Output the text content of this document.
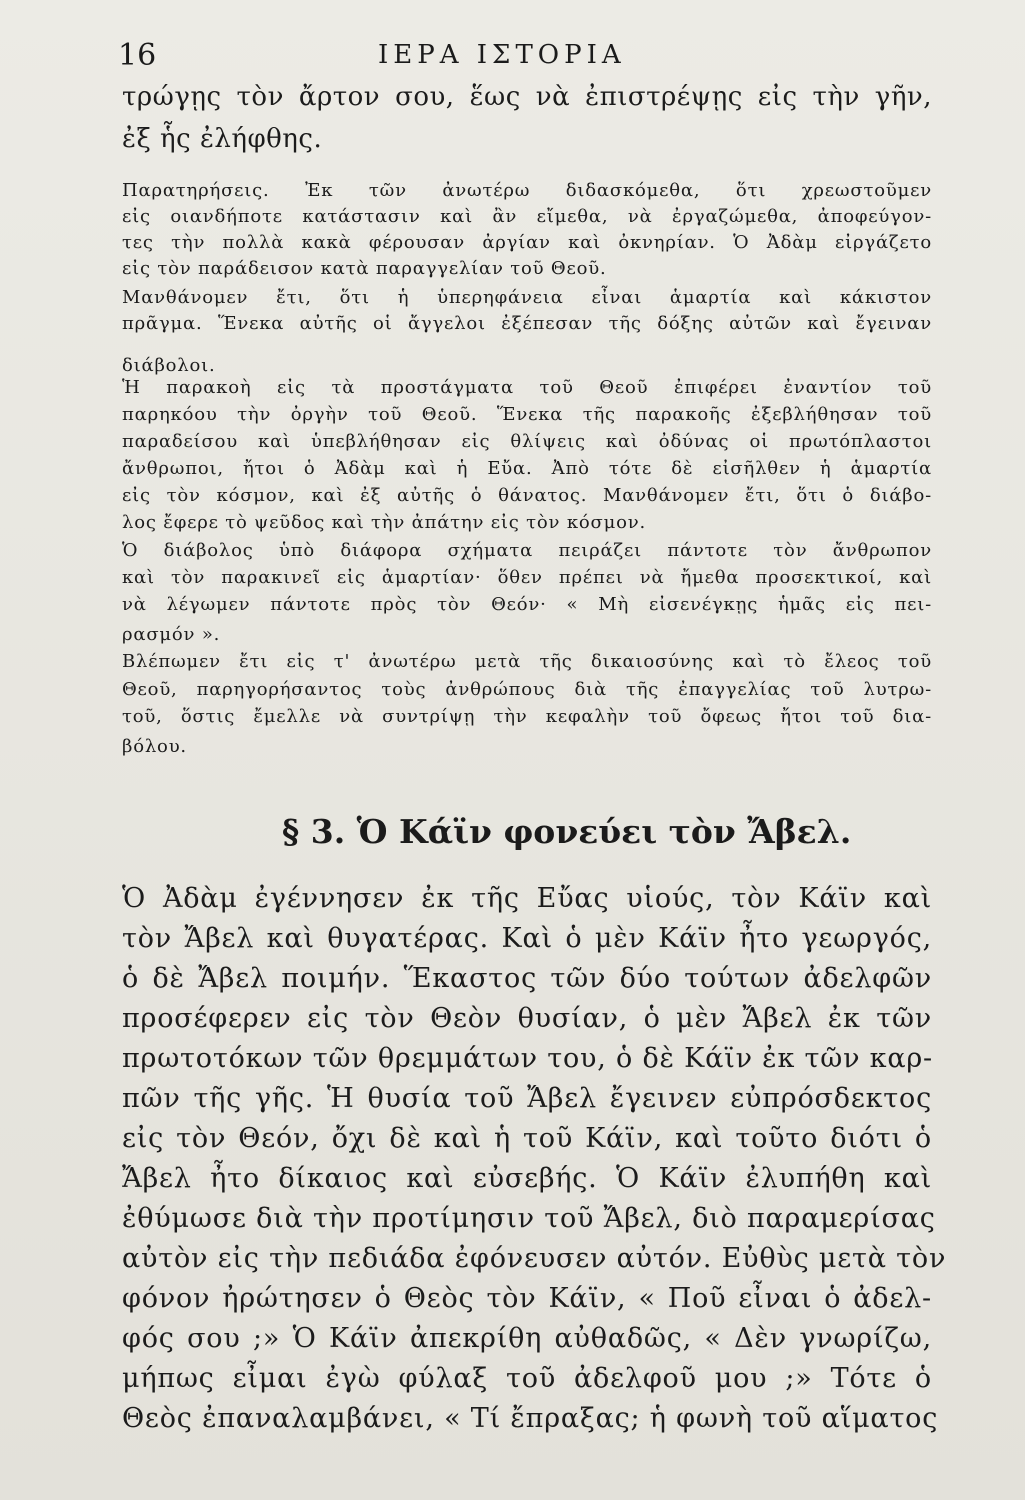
16	ΙΕΡΑ ΙΣΤΟΡΙΑ

τρώγῃς τὸν ἄρτον σου, ἕως νὰ ἐπιστρέψῃς εἰς τὴν γῆν,

ἐξ ἧς ἐλήφθης.

Παρατηρήσεις. Ἐκ τῶν ἀνωτέρω διδασκόμεθα, ὅτι χρεωστοῦμεν

εἰς οιανδήποτε κατάστασιν καὶ ἂν εἴμεθα, νὰ ἐργαζώμεθα, ἀποφεύγον-

τες τὴν πολλὰ κακὰ φέρουσαν ἀργίαν καὶ ὀκνηρίαν. Ὁ Ἀδὰμ εἰργάζετο

εἰς τὸν παράδεισον κατὰ παραγγελίαν τοῦ Θεοῦ.

Μανθάνομεν ἔτι, ὅτι ἡ ὑπερηφάνεια εἶναι ἁμαρτία καὶ κάκιστον

πρᾶγμα. Ἕνεκα αὐτῆς οἱ ἄγγελοι ἐξέπεσαν τῆς δόξης αὐτῶν καὶ ἔγειναν

διάβολοι.

Ἡ παρακοὴ εἰς τὰ προστάγματα τοῦ Θεοῦ ἐπιφέρει ἐναντίον τοῦ

παρηκόου τὴν ὀργὴν τοῦ Θεοῦ. Ἕνεκα τῆς παρακοῆς ἐξεβλήθησαν τοῦ

παραδείσου καὶ ὑπεβλήθησαν εἰς θλίψεις καὶ ὀδύνας οἱ πρωτόπλαστοι

ἄνθρωποι, ἤτοι ὁ Ἀδὰμ καὶ ἡ Εὔα. Ἀπὸ τότε δὲ εἰσῆλθεν ἡ ἁμαρτία

εἰς τὸν κόσμον, καὶ ἐξ αὐτῆς ὁ θάνατος. Μανθάνομεν ἔτι, ὅτι ὁ διάβο-

λος ἔφερε τὸ ψεῦδος καὶ τὴν ἀπάτην εἰς τὸν κόσμον.

Ὁ διάβολος ὑπὸ διάφορα σχήματα πειράζει πάντοτε τὸν ἄνθρωπον

καὶ τὸν παρακινεῖ εἰς ἁμαρτίαν· ὅθεν πρέπει νὰ ἤμεθα προσεκτικοί, καὶ

νὰ λέγωμεν πάντοτε πρὸς τὸν Θεόν· « Μὴ εἰσενέγκῃς ἡμᾶς εἰς πει-

ρασμόν ».

Βλέπωμεν ἔτι εἰς τ' ἀνωτέρω μετὰ τῆς δικαιοσύνης καὶ τὸ ἔλεος τοῦ

Θεοῦ, παρηγορήσαντος τοὺς ἀνθρώπους διὰ τῆς ἐπαγγελίας τοῦ λυτρω-

τοῦ, ὅστις ἔμελλε νὰ συντρίψῃ τὴν κεφαλὴν τοῦ ὄφεως ἤτοι τοῦ δια-

βόλου.

§ 3. Ὁ Κάϊν φονεύει τὸν Ἄβελ.

Ὁ Ἀδὰμ ἐγέννησεν ἐκ τῆς Εὔας υἱούς, τὸν Κάϊν καὶ

τὸν Ἄβελ καὶ θυγατέρας. Καὶ ὁ μὲν Κάϊν ἦτο γεωργός,

ὁ δὲ Ἄβελ ποιμήν. Ἕκαστος τῶν δύο τούτων ἀδελφῶν

προσέφερεν εἰς τὸν Θεὸν θυσίαν, ὁ μὲν Ἄβελ ἐκ τῶν

πρωτοτόκων τῶν θρεμμάτων του, ὁ δὲ Κάϊν ἐκ τῶν καρ-

πῶν τῆς γῆς. Ἡ θυσία τοῦ Ἄβελ ἔγεινεν εὐπρόσδεκτος

εἰς τὸν Θεόν, ὄχι δὲ καὶ ἡ τοῦ Κάϊν, καὶ τοῦτο διότι ὁ

Ἄβελ ἦτο δίκαιος καὶ εὐσεβής. Ὁ Κάϊν ἐλυπήθη καὶ

ἐθύμωσε διὰ τὴν προτίμησιν τοῦ Ἄβελ, διὸ παραμερίσας

αὐτὸν εἰς τὴν πεδιάδα ἐφόνευσεν αὐτόν. Εὐθὺς μετὰ τὸν

φόνον ἠρώτησεν ὁ Θεὸς τὸν Κάϊν, « Ποῦ εἶναι ὁ ἀδελ-

φός σου ;» Ὁ Κάϊν ἀπεκρίθη αὐθαδῶς, « Δὲν γνωρίζω,

μήπως εἶμαι ἐγὼ φύλαξ τοῦ ἀδελφοῦ μου ;» Τότε ὁ

Θεὸς ἐπαναλαμβάνει, « Τί ἔπραξας; ἡ φωνὴ τοῦ αἵματος
